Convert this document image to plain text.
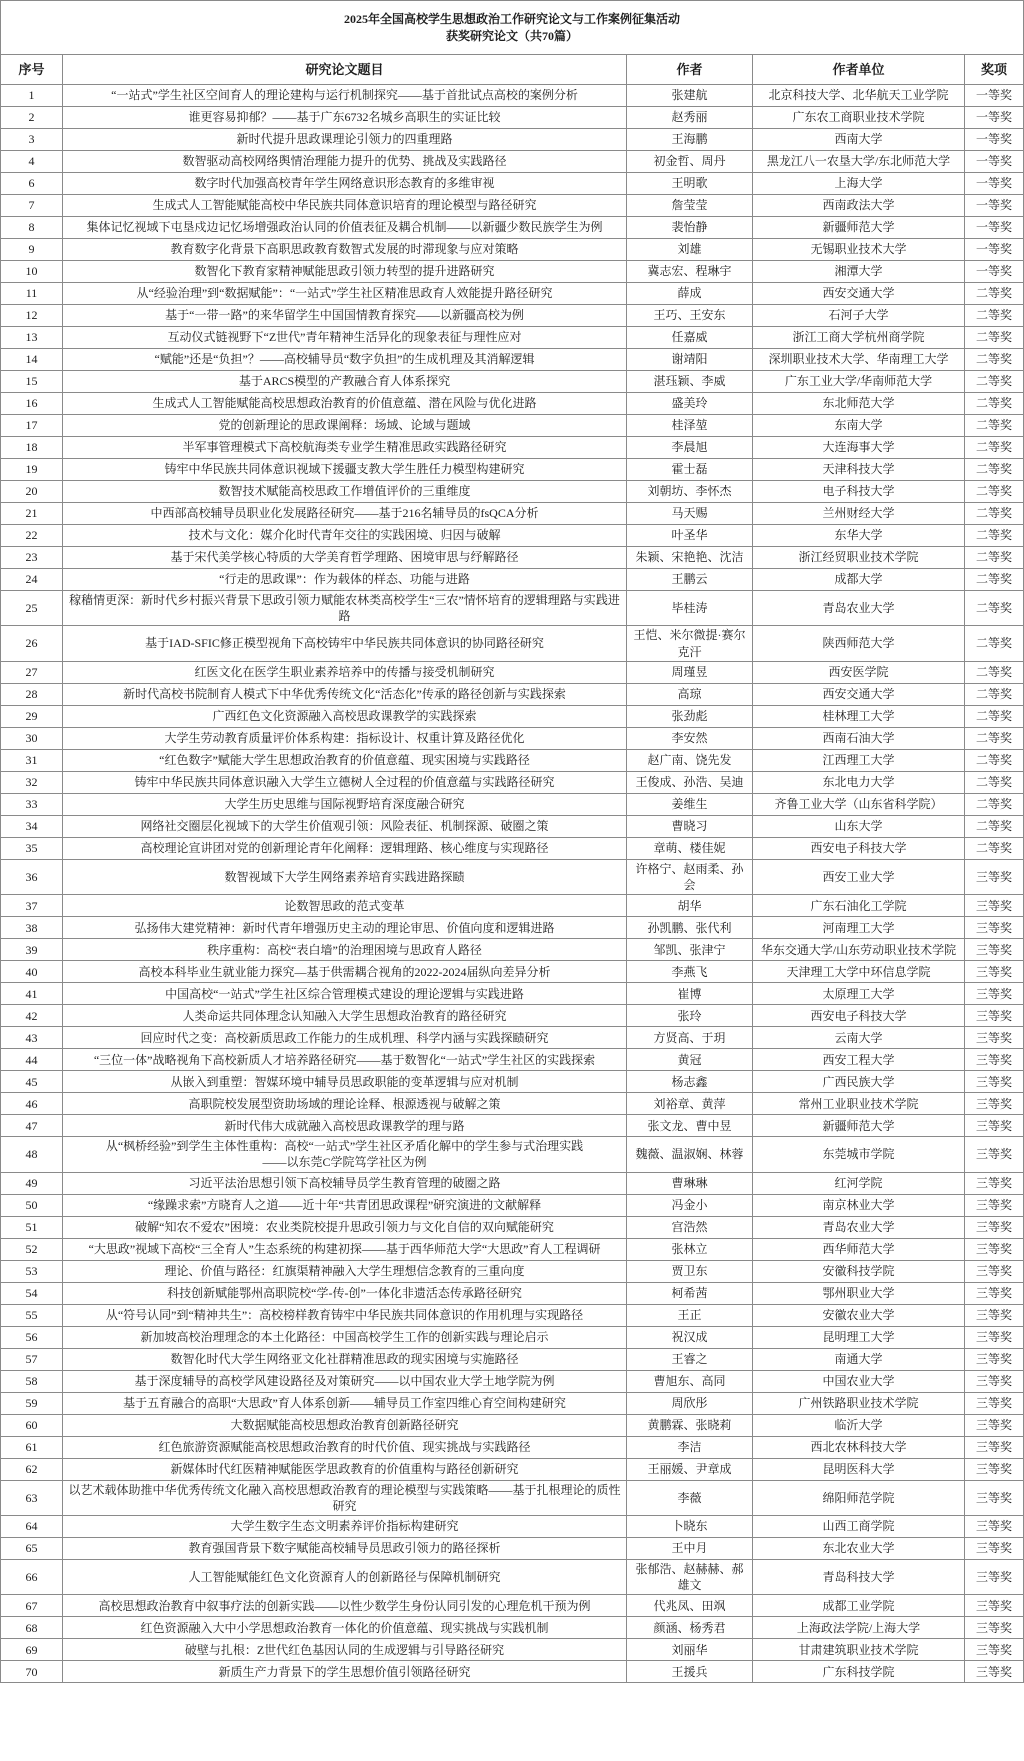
2025年全国高校学生思想政治工作研究论文与工作案例征集活动
获奖研究论文（共70篇）				
序号	研究论文题目	作者	作者单位	奖项
1	“一站式”学生社区空间育人的理论建构与运行机制探究——基于首批试点高校的案例分析	张建航	北京科技大学、北华航天工业学院	一等奖
2	谁更容易抑郁？——基于广东6732名城乡高职生的实证比较	赵秀丽	广东农工商职业技术学院	一等奖
3	新时代提升思政课理论引领力的四重理路	王海鹏	西南大学	一等奖
4	数智驱动高校网络舆情治理能力提升的优势、挑战及实践路径	初金哲、周丹	黑龙江八一农垦大学/东北师范大学	一等奖
6	数字时代加强高校青年学生网络意识形态教育的多维审视	王明歌	上海大学	一等奖
7	生成式人工智能赋能高校中华民族共同体意识培育的理论模型与路径研究	詹莹莹	西南政法大学	一等奖
8	集体记忆视域下屯垦戍边记忆场增强政治认同的价值表征及耦合机制——以新疆少数民族学生为例	裴怡静	新疆师范大学	一等奖
9	教育数字化背景下高职思政教育数智式发展的时滞现象与应对策略	刘雄	无锡职业技术大学	一等奖
10	数智化下教育家精神赋能思政引领力转型的提升进路研究	冀志宏、程琳宇	湘潭大学	一等奖
11	从“经验治理”到“数据赋能”：“一站式”学生社区精准思政育人效能提升路径研究	薛成	西安交通大学	二等奖
12	基于“一带一路”的来华留学生中国国情教育探究——以新疆高校为例	王巧、王安东	石河子大学	二等奖
13	互动仪式链视野下“Z世代”青年精神生活异化的现象表征与理性应对	任嘉威	浙江工商大学杭州商学院	二等奖
14	“赋能”还是“负担”？——高校辅导员“数字负担”的生成机理及其消解逻辑	谢靖阳	深圳职业技术大学、华南理工大学	二等奖
15	基于ARCS模型的产教融合育人体系探究	湛珏颖、李威	广东工业大学/华南师范大学	二等奖
16	生成式人工智能赋能高校思想政治教育的价值意蕴、潜在风险与优化进路	盛美玲	东北师范大学	二等奖
17	党的创新理论的思政课阐释：场域、论域与题域	桂泽堃	东南大学	二等奖
18	半军事管理模式下高校航海类专业学生精准思政实践路径研究	李晨旭	大连海事大学	二等奖
19	铸牢中华民族共同体意识视域下援疆支教大学生胜任力模型构建研究	霍士磊	天津科技大学	二等奖
20	数智技术赋能高校思政工作增值评价的三重维度	刘朝坊、李怀杰	电子科技大学	二等奖
21	中西部高校辅导员职业化发展路径研究——基于216名辅导员的fsQCA分析	马天赐	兰州财经大学	二等奖
22	技术与文化：媒介化时代青年交往的实践困境、归因与破解	叶圣华	东华大学	二等奖
23	基于宋代美学核心特质的大学美育哲学理路、困境审思与纾解路径	朱颖、宋艳艳、沈洁	浙江经贸职业技术学院	二等奖
24	“行走的思政课”：作为载体的样态、功能与进路	王鹏云	成都大学	二等奖
25	稼穑情更深：新时代乡村振兴背景下思政引领力赋能农林类高校学生“三农”情怀培育的逻辑理路与实践进路	毕桂涛	青岛农业大学	二等奖
26	基于IAD-SFIC修正模型视角下高校铸牢中华民族共同体意识的协同路径研究	王恺、米尔微提·赛尔克汗	陕西师范大学	二等奖
27	红医文化在医学生职业素养培养中的传播与接受机制研究	周瑾昱	西安医学院	二等奖
28	新时代高校书院制育人模式下中华优秀传统文化“活态化”传承的路径创新与实践探索	高琼	西安交通大学	二等奖
29	广西红色文化资源融入高校思政课教学的实践探索	张劲彪	桂林理工大学	二等奖
30	大学生劳动教育质量评价体系构建：指标设计、权重计算及路径优化	李安然	西南石油大学	二等奖
31	“红色数字”赋能大学生思想政治教育的价值意蕴、现实困境与实践路径	赵广南、饶先发	江西理工大学	二等奖
32	铸牢中华民族共同体意识融入大学生立德树人全过程的价值意蕴与实践路径研究	王俊成、孙浩、吴迪	东北电力大学	二等奖
33	大学生历史思维与国际视野培育深度融合研究	姜维生	齐鲁工业大学（山东省科学院）	二等奖
34	网络社交圈层化视域下的大学生价值观引领：风险表征、机制探源、破圈之策	曹晓习	山东大学	二等奖
35	高校理论宣讲团对党的创新理论青年化阐释：逻辑理路、核心维度与实现路径	章萌、楼佳妮	西安电子科技大学	二等奖
36	数智视域下大学生网络素养培育实践进路探赜	许格宁、赵雨柔、孙会	西安工业大学	三等奖
37	论数智思政的范式变革	胡华	广东石油化工学院	三等奖
38	弘扬伟大建党精神：新时代青年增强历史主动的理论审思、价值向度和逻辑进路	孙凯鹏、张代利	河南理工大学	三等奖
39	秩序重构：高校“表白墙”的治理困境与思政育人路径	邹凯、张津宁	华东交通大学/山东劳动职业技术学院	三等奖
40	高校本科毕业生就业能力探究—基于供需耦合视角的2022-2024届纵向差异分析	李燕飞	天津理工大学中环信息学院	三等奖
41	中国高校“一站式”学生社区综合管理模式建设的理论逻辑与实践进路	崔博	太原理工大学	三等奖
42	人类命运共同体理念认知融入大学生思想政治教育的路径研究	张玲	西安电子科技大学	三等奖
43	回应时代之变：高校新质思政工作能力的生成机理、科学内涵与实践探赜研究	方贤高、于玥	云南大学	三等奖
44	“三位一体”战略视角下高校新质人才培养路径研究——基于数智化“一站式”学生社区的实践探索	黄冠	西安工程大学	三等奖
45	从嵌入到重塑：智媒环境中辅导员思政职能的变革逻辑与应对机制	杨志鑫	广西民族大学	三等奖
46	高职院校发展型资助场域的理论诠释、根源透视与破解之策	刘裕章、黄萍	常州工业职业技术学院	三等奖
47	新时代伟大成就融入高校思政课教学的理与路	张文龙、曹中昱	新疆师范大学	三等奖
48	从“枫桥经验”到学生主体性重构：高校“一站式”学生社区矛盾化解中的学生参与式治理实践
——以东莞C学院笃学社区为例	魏薇、温淑娴、林蓉	东莞城市学院	三等奖
49	习近平法治思想引领下高校辅导员学生教育管理的破圈之路	曹琳琳	红河学院	三等奖
50	“缘躁求索”方晓育人之道——近十年“共青团思政课程”研究演进的文献解释	冯金小	南京林业大学	三等奖
51	破解“知农不爱农”困境：农业类院校提升思政引领力与文化自信的双向赋能研究	宫浩然	青岛农业大学	三等奖
52	“大思政”视域下高校“三全育人”生态系统的构建初探——基于西华师范大学“大思政”育人工程调研	张林立	西华师范大学	三等奖
53	理论、价值与路径：红旗渠精神融入大学生理想信念教育的三重向度	贾卫东	安徽科技学院	三等奖
54	科技创新赋能鄂州高职院校“学-传-创”一体化非遗活态传承路径研究	柯希茜	鄂州职业大学	三等奖
55	从“符号认同”到“精神共生”：高校榜样教育铸牢中华民族共同体意识的作用机理与实现路径	王正	安徽农业大学	三等奖
56	新加坡高校治理理念的本土化路径：中国高校学生工作的创新实践与理论启示	祝汉成	昆明理工大学	三等奖
57	数智化时代大学生网络亚文化社群精准思政的现实困境与实施路径	王睿之	南通大学	三等奖
58	基于深度辅导的高校学风建设路径及对策研究——以中国农业大学土地学院为例	曹旭东、高同	中国农业大学	三等奖
59	基于五育融合的高职“大思政”育人体系创新——辅导员工作室四维心育空间构建研究	周欣彤	广州铁路职业技术学院	三等奖
60	大数据赋能高校思想政治教育创新路径研究	黄鹏霖、张晓莉	临沂大学	三等奖
61	红色旅游资源赋能高校思想政治教育的时代价值、现实挑战与实践路径	李洁	西北农林科技大学	三等奖
62	新媒体时代红医精神赋能医学思政教育的价值重构与路径创新研究	王丽媛、尹章成	昆明医科大学	三等奖
63	以艺术载体助推中华优秀传统文化融入高校思想政治教育的理论模型与实践策略——基于扎根理论的质性研究	李薇	绵阳师范学院	三等奖
64	大学生数字生态文明素养评价指标构建研究	卜晓东	山西工商学院	三等奖
65	教育强国背景下数字赋能高校辅导员思政引领力的路径探析	王中月	东北农业大学	三等奖
66	人工智能赋能红色文化资源育人的创新路径与保障机制研究	张郁浩、赵赫赫、郝雄文	青岛科技大学	三等奖
67	高校思想政治教育中叙事疗法的创新实践——以性少数学生身份认同引发的心理危机干预为例	代兆凤、田飒	成都工业学院	三等奖
68	红色资源融入大中小学思想政治教育一体化的价值意蕴、现实挑战与实践机制	颜涵、杨秀君	上海政法学院/上海大学	三等奖
69	破壁与扎根：Z世代红色基因认同的生成逻辑与引导路径研究	刘丽华	甘肃建筑职业技术学院	三等奖
70	新质生产力背景下的学生思想价值引领路径研究	王援兵	广东科技学院	三等奖
